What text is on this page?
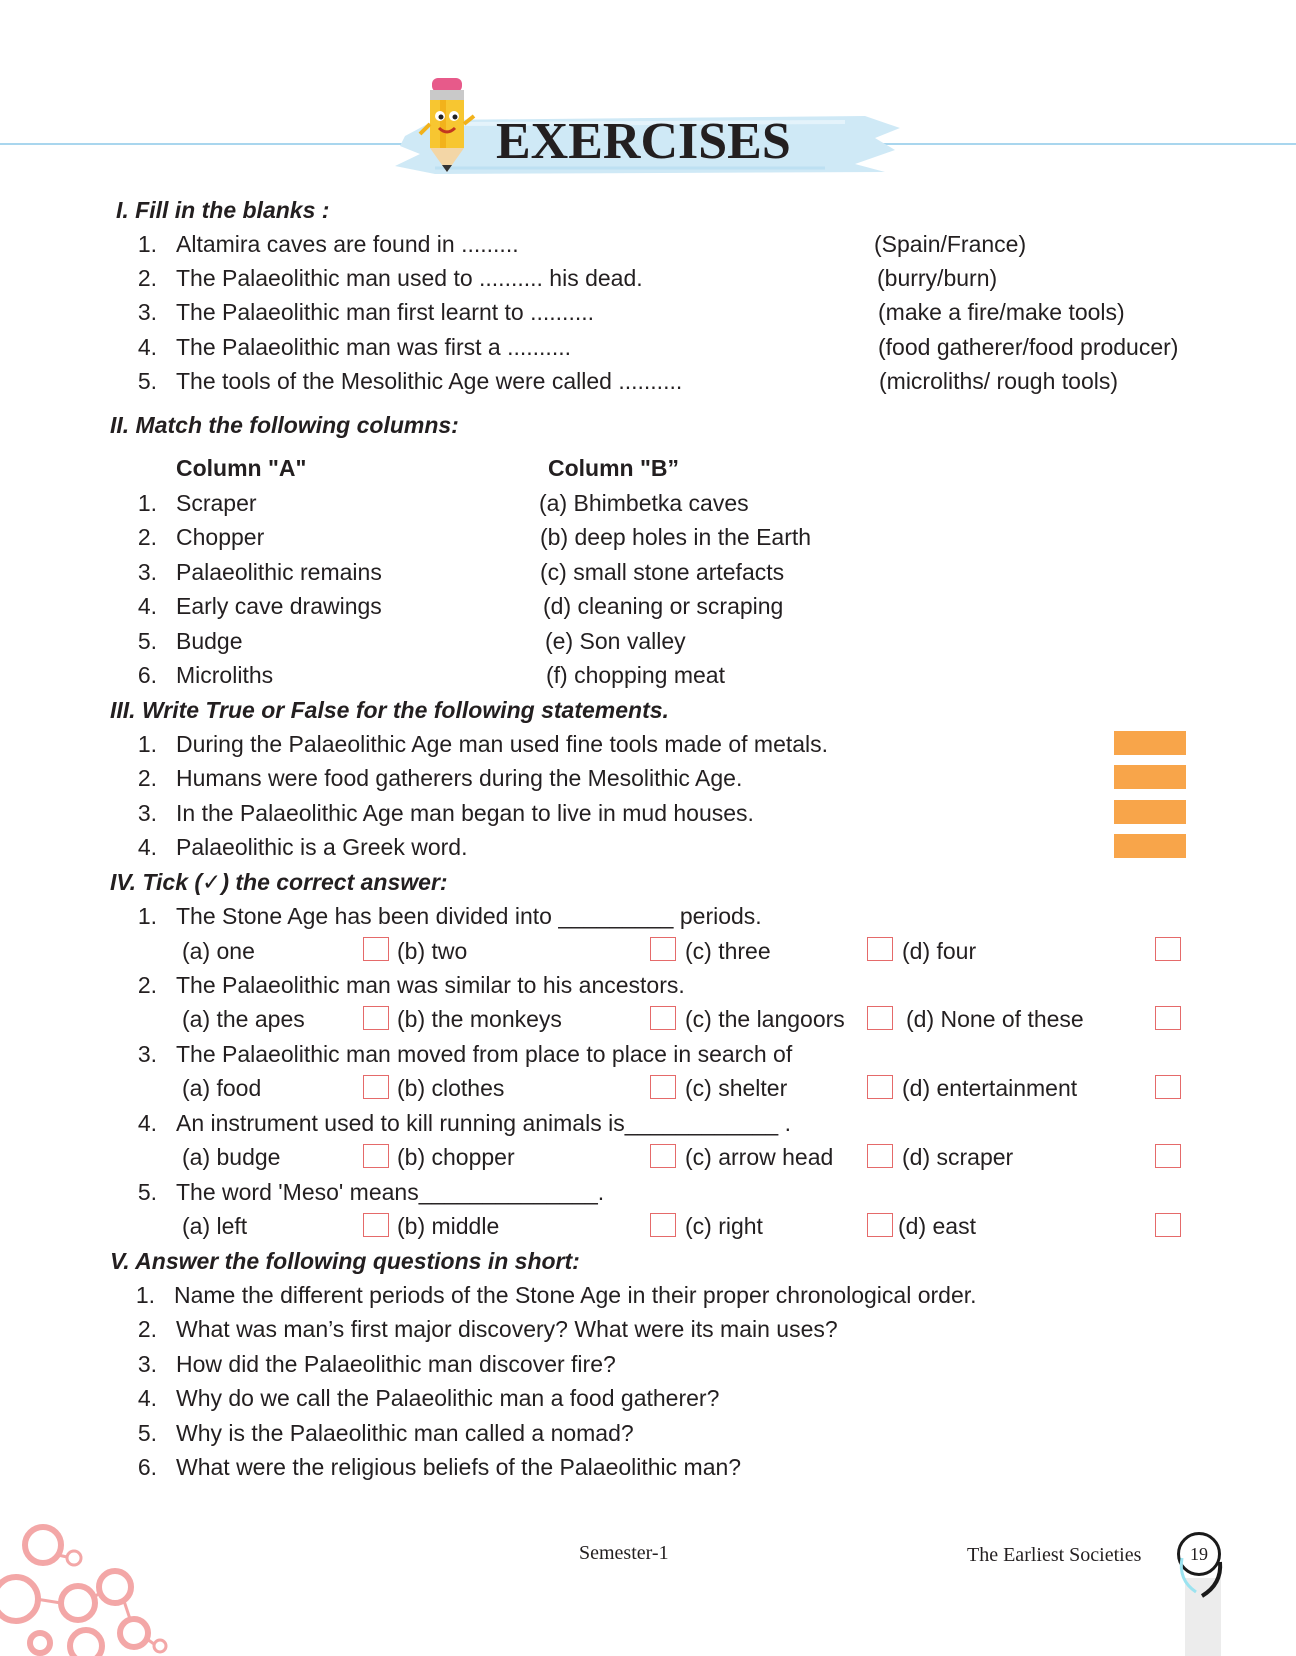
EXERCISES
I. Fill in the blanks :
1. Altamira caves are found in .........	(Spain/France)
2. The Palaeolithic man used to .......... his dead.	(burry/burn)
3. The Palaeolithic man first learnt to ..........	(make a fire/make tools)
4. The Palaeolithic man was first a ..........	(food gatherer/food producer)
5. The tools of the Mesolithic Age were called ..........	(microliths/ rough tools)
II. Match the following columns:
Column "A"	Column "B”
1. Scraper	(a) Bhimbetka caves
2. Chopper	(b) deep holes in the Earth
3. Palaeolithic remains	(c) small stone artefacts
4. Early cave drawings	(d) cleaning or scraping
5. Budge	(e) Son valley
6. Microliths	(f) chopping meat
III. Write True or False for the following statements.
1. During the Palaeolithic Age man used fine tools made of metals.
2. Humans were food gatherers during the Mesolithic Age.
3. In the Palaeolithic Age man began to live in mud houses.
4. Palaeolithic is a Greek word.
IV. Tick (✓) the correct answer:
1. The Stone Age has been divided into _________ periods.
(a) one	(b) two	(c) three	(d) four
2. The Palaeolithic man was similar to his ancestors.
(a) the apes	(b) the monkeys	(c) the langoors	(d) None of these
3. The Palaeolithic man moved from place to place in search of
(a) food	(b) clothes	(c) shelter	(d) entertainment
4. An instrument used to kill running animals is____________ .
(a) budge	(b) chopper	(c) arrow head	(d) scraper
5. The word 'Meso' means______________.
(a) left	(b) middle	(c) right	(d) east
V. Answer the following questions in short:
1. Name the different periods of the Stone Age in their proper chronological order.
2. What was man’s first major discovery? What were its main uses?
3. How did the Palaeolithic man discover fire?
4. Why do we call the Palaeolithic man a food gatherer?
5. Why is the Palaeolithic man called a nomad?
6. What were the religious beliefs of the Palaeolithic man?
Semester-1	The Earliest Societies	19
